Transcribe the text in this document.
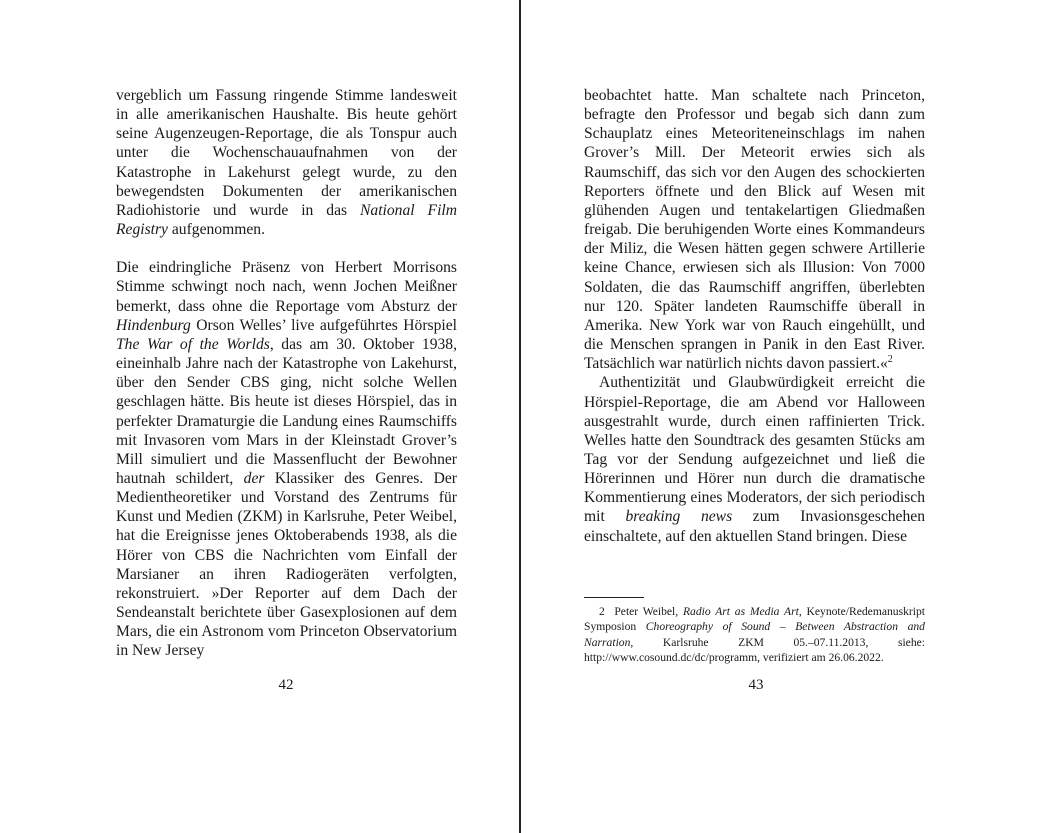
vergeblich um Fassung ringende Stimme landesweit in alle amerikanischen Haushalte. Bis heute gehört seine Augenzeugen-Reportage, die als Tonspur auch unter die Wochenschauaufnahmen von der Katastrophe in Lakehurst gelegt wurde, zu den bewegendsten Dokumenten der amerikanischen Radiohistorie und wurde in das National Film Registry aufgenommen.

Die eindringliche Präsenz von Herbert Morrisons Stimme schwingt noch nach, wenn Jochen Meißner bemerkt, dass ohne die Reportage vom Absturz der Hindenburg Orson Welles’ live aufgeführtes Hörspiel The War of the Worlds, das am 30. Oktober 1938, eineinhalb Jahre nach der Katastrophe von Lakehurst, über den Sender CBS ging, nicht solche Wellen geschlagen hätte. Bis heute ist dieses Hörspiel, das in perfekter Dramaturgie die Landung eines Raumschiffs mit Invasoren vom Mars in der Kleinstadt Grover’s Mill simuliert und die Massenflucht der Bewohner hautnah schildert, der Klassiker des Genres. Der Medientheoretiker und Vorstand des Zentrums für Kunst und Medien (ZKM) in Karlsruhe, Peter Weibel, hat die Ereignisse jenes Oktoberabends 1938, als die Hörer von CBS die Nachrichten vom Einfall der Marsianer an ihren Radiogeräten verfolgten, rekonstruiert. »Der Reporter auf dem Dach der Sendeanstalt berichtete über Gasexplosionen auf dem Mars, die ein Astronom vom Princeton Observatorium in New Jersey

42

beobachtet hatte. Man schaltete nach Princeton, befragte den Professor und begab sich dann zum Schauplatz eines Meteoriteneinschlags im nahen Grover’s Mill. Der Meteorit erwies sich als Raumschiff, das sich vor den Augen des schockierten Reporters öffnete und den Blick auf Wesen mit glühenden Augen und tentakelartigen Gliedmaßen freigab. Die beruhigenden Worte eines Kommandeurs der Miliz, die Wesen hätten gegen schwere Artillerie keine Chance, erwiesen sich als Illusion: Von 7000 Soldaten, die das Raumschiff angriffen, überlebten nur 120. Später landeten Raumschiffe überall in Amerika. New York war von Rauch eingehüllt, und die Menschen sprangen in Panik in den East River. Tatsächlich war natürlich nichts davon passiert.«$^2$

Authentizität und Glaubwürdigkeit erreicht die Hörspiel-Reportage, die am Abend vor Halloween ausgestrahlt wurde, durch einen raffinierten Trick. Welles hatte den Soundtrack des gesamten Stücks am Tag vor der Sendung aufgezeichnet und ließ die Hörerinnen und Hörer nun durch die dramatische Kommentierung eines Moderators, der sich periodisch mit breaking news zum Invasionsgeschehen einschaltete, auf den aktuellen Stand bringen. Diese

2 Peter Weibel, Radio Art as Media Art, Keynote/Redemanuskript Symposion Choreography of Sound – Between Abstraction and Narration, Karlsruhe ZKM 05.–07.11.2013, siehe: http://www.cosound.dc/dc/programm, verifiziert am 26.06.2022.

43
